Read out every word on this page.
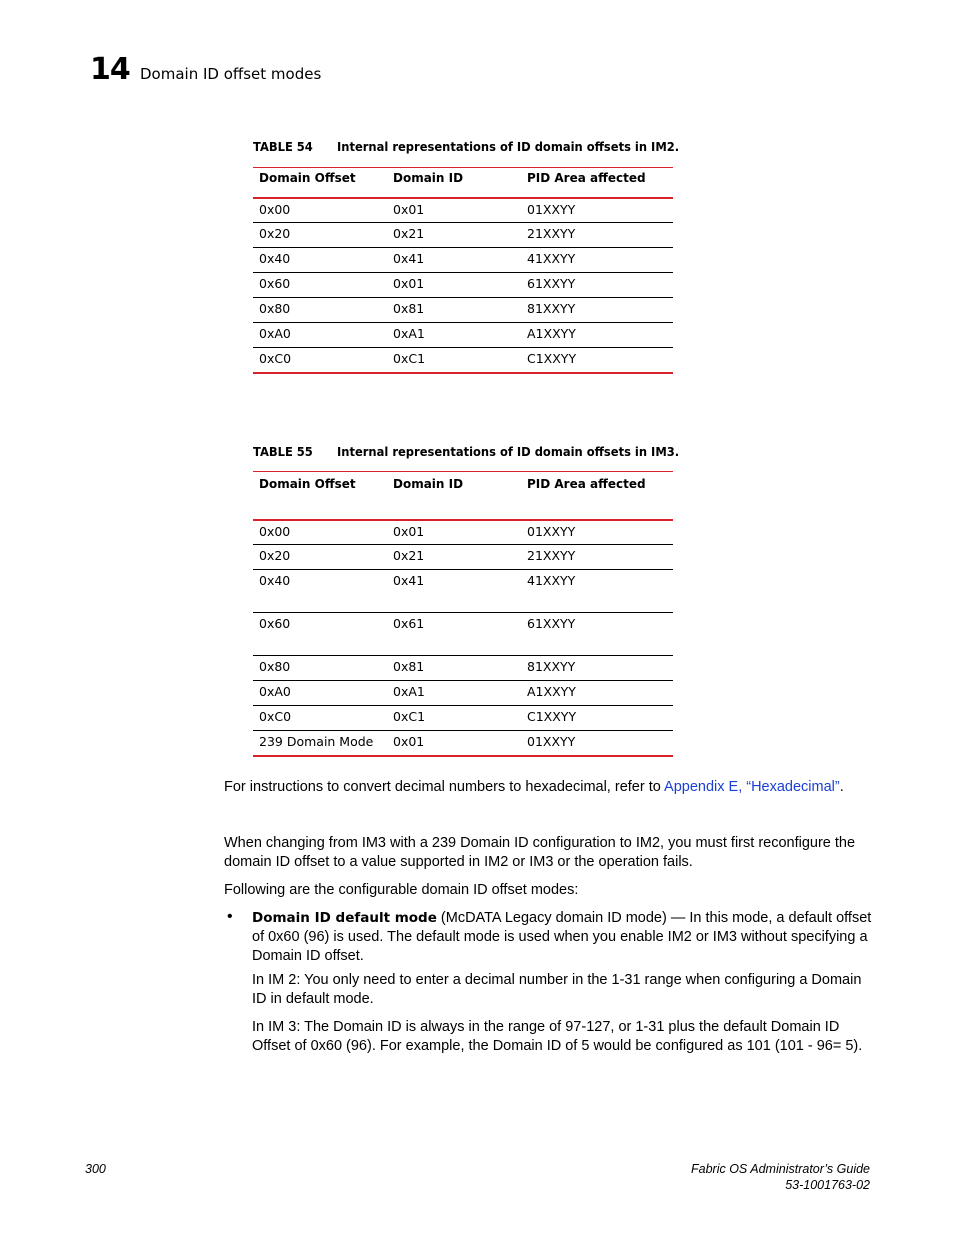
14 Domain ID offset modes
TABLE 54 Internal representations of ID domain offsets in IM2.
Domain Offset	Domain ID	PID Area affected
0x00	0x01	01XXYY
0x20	0x21	21XXYY
0x40	0x41	41XXYY
0x60	0x01	61XXYY
0x80	0x81	81XXYY
0xA0	0xA1	A1XXYY
0xC0	0xC1	C1XXYY
TABLE 55 Internal representations of ID domain offsets in IM3.
Domain Offset	Domain ID	PID Area affected
0x00	0x01	01XXYY
0x20	0x21	21XXYY
0x40	0x41	41XXYY
0x60	0x61	61XXYY
0x80	0x81	81XXYY
0xA0	0xA1	A1XXYY
0xC0	0xC1	C1XXYY
239 Domain Mode	0x01	01XXYY
For instructions to convert decimal numbers to hexadecimal, refer to Appendix E, “Hexadecimal”.
When changing from IM3 with a 239 Domain ID configuration to IM2, you must first reconfigure the domain ID offset to a value supported in IM2 or IM3 or the operation fails.
Following are the configurable domain ID offset modes:
• Domain ID default mode (McDATA Legacy domain ID mode) — In this mode, a default offset of 0x60 (96) is used. The default mode is used when you enable IM2 or IM3 without specifying a Domain ID offset.
In IM 2: You only need to enter a decimal number in the 1-31 range when configuring a Domain ID in default mode.
In IM 3: The Domain ID is always in the range of 97-127, or 1-31 plus the default Domain ID Offset of 0x60 (96). For example, the Domain ID of 5 would be configured as 101 (101 - 96= 5).
300	Fabric OS Administrator’s Guide
53-1001763-02
